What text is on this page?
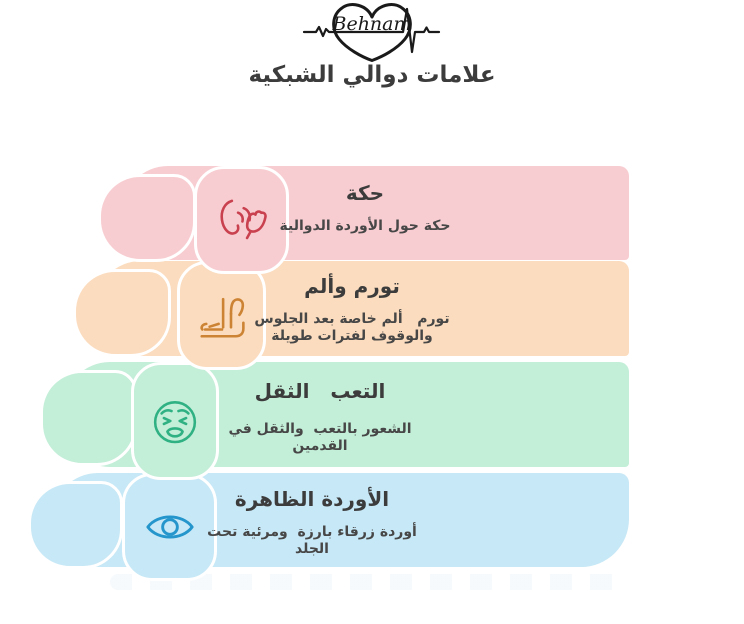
Behnam
علامات دوالي الشبكية
حكة
حكة حول الأوردة الدوالية
تورم وألم
تورم   ألم خاصة بعد الجلوس  والوقوف لفترات طويلة
التعب   الثقل
الشعور بالتعب  والثقل في القدمين
الأوردة الظاهرة
أوردة زرقاء بارزة  ومرئية تحت الجلد
